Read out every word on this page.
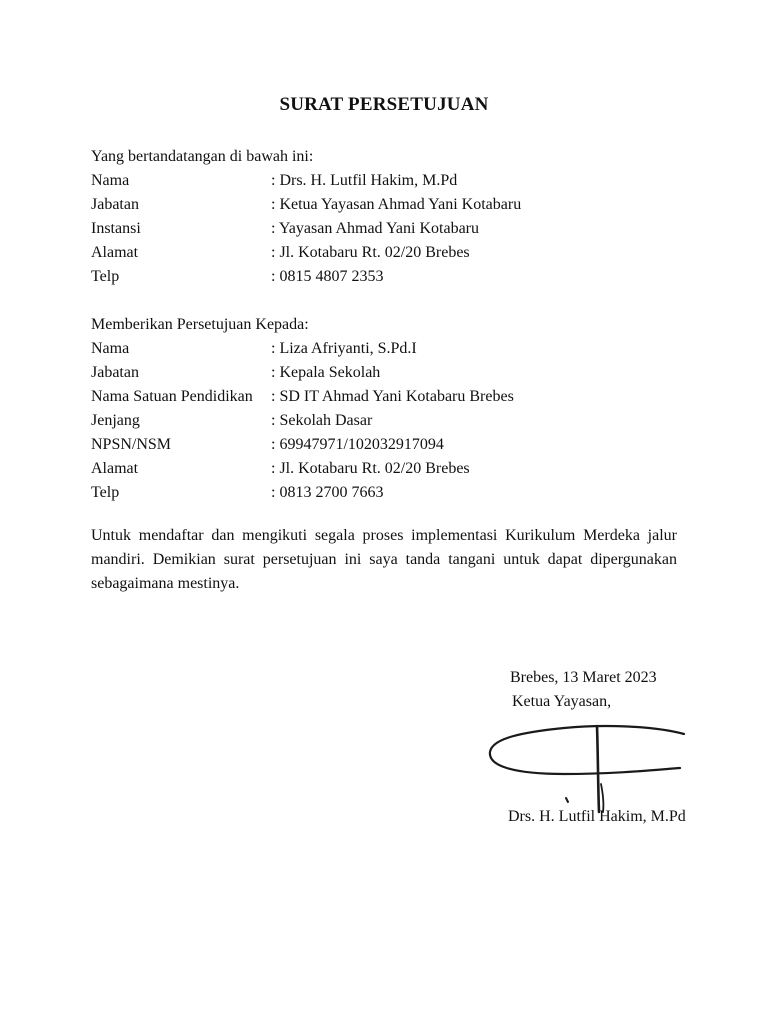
SURAT PERSETUJUAN
Yang bertandatangan di bawah ini:
Nama	: Drs. H. Lutfil Hakim, M.Pd
Jabatan	: Ketua Yayasan Ahmad Yani Kotabaru
Instansi	: Yayasan Ahmad Yani Kotabaru
Alamat	: Jl. Kotabaru Rt. 02/20 Brebes
Telp	: 0815 4807 2353
Memberikan Persetujuan Kepada:
Nama	: Liza Afriyanti, S.Pd.I
Jabatan	: Kepala Sekolah
Nama Satuan Pendidikan	: SD IT Ahmad Yani Kotabaru Brebes
Jenjang	: Sekolah Dasar
NPSN/NSM	: 69947971/102032917094
Alamat	: Jl. Kotabaru Rt. 02/20 Brebes
Telp	: 0813 2700 7663
Untuk mendaftar dan mengikuti segala proses implementasi Kurikulum Merdeka jalur mandiri. Demikian surat persetujuan ini saya tanda tangani untuk dapat dipergunakan sebagaimana mestinya.
Brebes, 13 Maret 2023
Ketua Yayasan,
Drs. H. Lutfil Hakim, M.Pd
